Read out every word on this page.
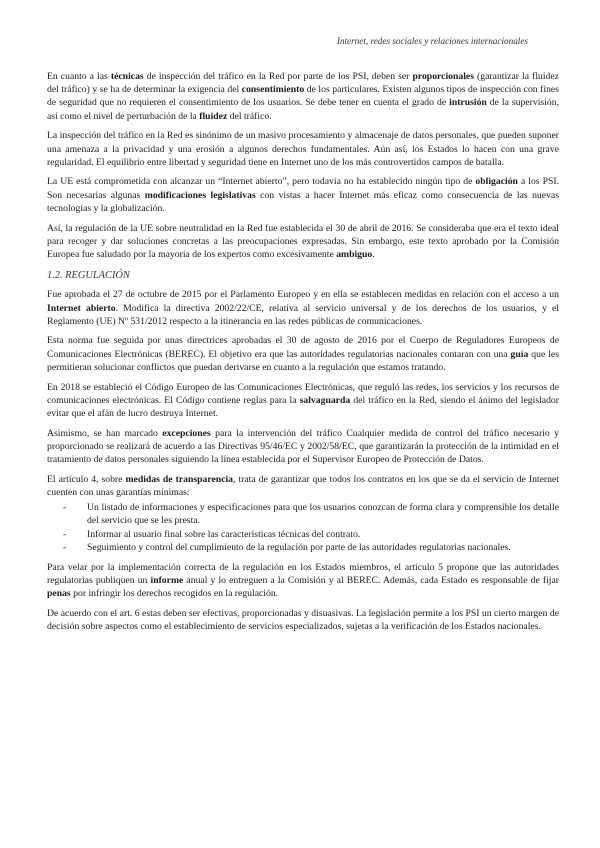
Internet, redes sociales y relaciones internacionales

En cuanto a las técnicas de inspección del tráfico en la Red por parte de los PSI, deben ser proporcionales (garantizar la fluidez del tráfico) y se ha de determinar la exigencia del consentimiento de los particulares. Existen algunos tipos de inspección con fines de seguridad que no requieren el consentimiento de los usuarios. Se debe tener en cuenta el grado de intrusión de la supervisión, así como el nivel de perturbación de la fluidez del tráfico.

La inspección del tráfico en la Red es sinónimo de un masivo procesamiento y almacenaje de datos personales, que pueden suponer una amenaza a la privacidad y una erosión a algunos derechos fundamentales. Aún así, los Estados lo hacen con una grave regularidad. El equilibrio entre libertad y seguridad tiene en Internet uno de los más controvertidos campos de batalla.

La UE está comprometida con alcanzar un “Internet abierto”, pero todavía no ha establecido ningún tipo de obligación a los PSI. Son necesarias algunas modificaciones legislativas con vistas a hacer Internet más eficaz como consecuencia de las nuevas tecnologías y la globalización.

Así, la regulación de la UE sobre neutralidad en la Red fue establecida el 30 de abril de 2016. Se consideraba que era el texto ideal para recoger y dar soluciones concretas a las preocupaciones expresadas. Sin embargo, este texto aprobado por la Comisión Europea fue saludado por la mayoría de los expertos como excesivamente ambiguo.

1.2. REGULACIÓN

Fue aprobada el 27 de octubre de 2015 por el Parlamento Europeo y en ella se establecen medidas en relación con el acceso a un Internet abierto. Modifica la directiva 2002/22/CE, relativa al servicio universal y de los derechos de los usuarios, y el Reglamento (UE) Nº 531/2012 respecto a la itinerancia en las redes públicas de comunicaciones.

Esta norma fue seguida por unas directrices aprobadas el 30 de agosto de 2016 por el Cuerpo de Reguladores Europeos de Comunicaciones Electrónicas (BEREC). El objetivo era que las autoridades regulatorias nacionales contaran con una guía que les permitieran solucionar conflictos que puedan derivarse en cuanto a la regulación que estamos tratando.

En 2018 se estableció el Código Europeo de las Comunicaciones Electrónicas, que reguló las redes, los servicios y los recursos de comunicaciones electrónicas. El Código contiene reglas para la salvaguarda del tráfico en la Red, siendo el ánimo del legislador evitar que el afán de lucro destruya Internet.

Asimismo, se han marcado excepciones para la intervención del tráfico Cualquier medida de control del tráfico necesario y proporcionado se realizará de acuerdo a las Directivas 95/46/EC y 2002/58/EC, que garantizarán la protección de la intimidad en el tratamiento de datos personales siguiendo la línea establecida por el Supervisor Europeo de Protección de Datos.

El artículo 4, sobre medidas de transparencia, trata de garantizar que todos los contratos en los que se da el servicio de Internet cuenten con unas garantías mínimas:

- Un listado de informaciones y especificaciones para que los usuarios conozcan de forma clara y comprensible los detalle del servicio que se les presta.
- Informar al usuario final sobre las características técnicas del contrato.
- Seguimiento y control del cumplimiento de la regulación por parte de las autoridades regulatorias nacionales.

Para velar por la implementación correcta de la regulación en los Estados miembros, el artículo 5 propone que las autoridades regulatorias publiquen un informe anual y lo entreguen a la Comisión y al BEREC. Además, cada Estado es responsable de fijar penas por infringir los derechos recogidos en la regulación.

De acuerdo con el art. 6 estas deben ser efectivas, proporcionadas y disuasivas. La legislación permite a los PSI un cierto margen de decisión sobre aspectos como el establecimiento de servicios especializados, sujetas a la verificación de los Estados nacionales.
